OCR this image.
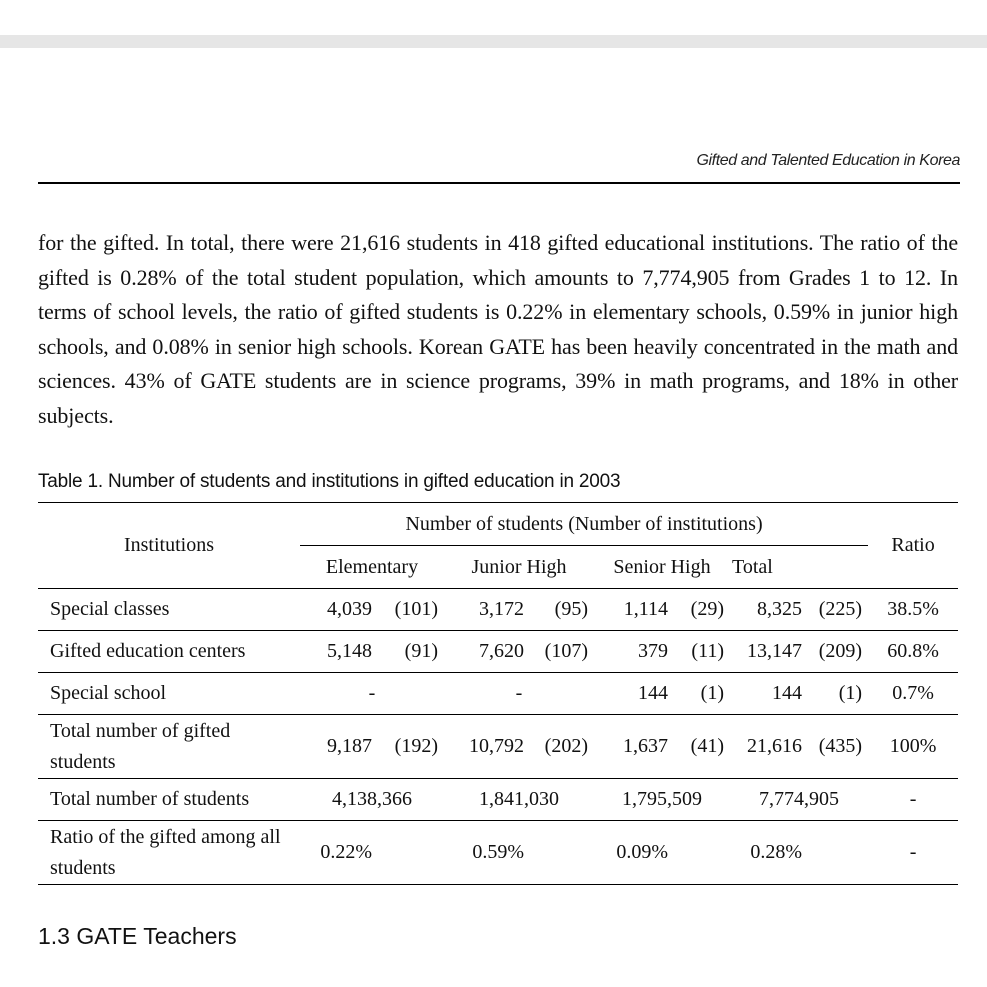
Gifted and Talented Education in Korea

for the gifted. In total, there were 21,616 students in 418 gifted educational institutions. The ratio of the gifted is 0.28% of the total student population, which amounts to 7,774,905 from Grades 1 to 12. In terms of school levels, the ratio of gifted students is 0.22% in elementary schools, 0.59% in junior high schools, and 0.08% in senior high schools. Korean GATE has been heavily concentrated in the math and sciences. 43% of GATE students are in science programs, 39% in math programs, and 18% in other subjects.

Table 1. Number of students and institutions in gifted education in 2003
Institutions	Number of students (Number of institutions)								Ratio
	Elementary		Junior High		Senior High		Total		
Special classes	4,039	(101)	3,172	(95)	1,114	(29)	8,325	(225)	38.5%
Gifted education centers	5,148	(91)	7,620	(107)	379	(11)	13,147	(209)	60.8%
Special school	-		-		144	(1)	144	(1)	0.7%
Total number of gifted students	9,187	(192)	10,792	(202)	1,637	(41)	21,616	(435)	100%
Total number of students	4,138,366		1,841,030		1,795,509		7,774,905		-
Ratio of the gifted among all students	0.22%		0.59%		0.09%		0.28%		-
1.3 GATE Teachers
